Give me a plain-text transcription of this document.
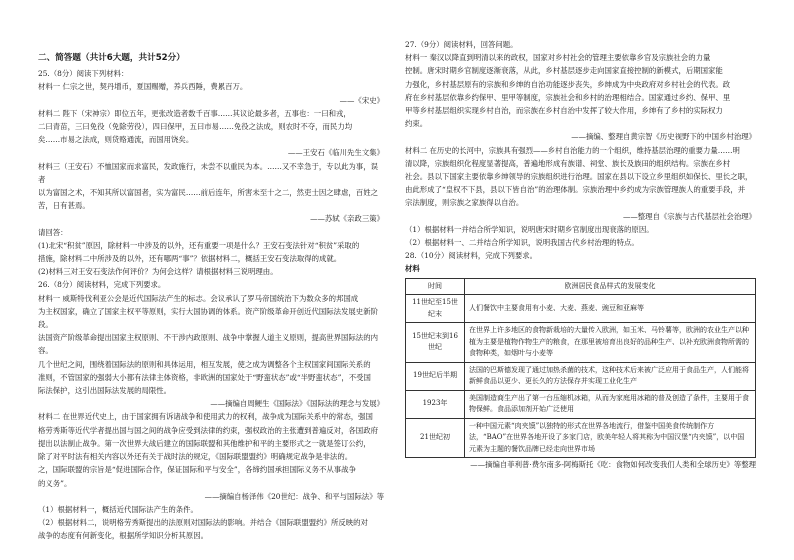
二、简答题（共计6大题，共计52分）

25.（8分）阅读下列材料：

材料一 仁宗之世，契丹增币，夏国赐赠，养兵西陲，费累百万。

——《宋史》

材料二 陛下（宋神宗）即位五年，更张改造者数千百事……其议论最多者，五事也：一曰和戎，

二曰青苗，三曰免役（免除劳役），四曰保甲，五曰市易……免役之法成，则农时不夺，而民力均

矣……市易之法成，则货赂通流，而国用饶矣。

——王安石《临川先生文集》

材料三（王安石）不恤国家而求富民，发政施行，未尝不以重民为本。……又不幸急于，专以此为事，误者

以为富国之术，不知其所以富国者，实为富民……前后连年，所害未至十之二，然吏士因之肆虐，百姓之

苦，日有甚焉。

——苏轼《亲政三策》

请回答：

(1)北宋“积贫”原因，除材料一中涉及的以外，还有重要一项是什么？王安石变法针对“积贫”采取的

措施，除材料二中所涉及的以外，还有哪两“事”？依据材料二，概括王安石变法取得的成就。

(2)材料三对王安石变法作何评价？为何会这样？请根据材料三说明理由。

26.（8分）阅读材料，完成下列要求。

材料一 威斯特伐利亚公会是近代国际法产生的标志。会议承认了罗马帝国统治下为数众多的邦国成

为主权国家，确立了国家主权平等原则，实行大国协调的体系。资产阶级革命开创近代国际法发展史新阶段。

法国资产阶级革命提出国家主权原则、不干涉内政原则、战争中掌握人道主义原则，提高世界国际法的内容。

几个世纪之间，围绕着国际法的原则和具体运用，相互发展，使之成为调整各个主权国家间国际关系的

准则，不管国家的强弱大小都有法律主体资格，非欧洲的国家处于“野蛮状态”或“半野蛮状态”，不受国

际法保护，这引出国际法发展的局限性。

——摘编自周鲠生《国际法》《国际法的理念与发展》

材料二 在世界近代史上，由于国家拥有诉诸战争和使用武力的权利，战争成为国际关系中的常态，强国

格劳秀斯等近代学者提出国与国之间的战争应受到法律的约束，强权政治的主张遭到普遍反对，各国政府

提出以法制止战争。第一次世界大战后建立的国际联盟和其他维护和平的主要形式之一就是签订公约，

除了对平时法有相关内容以外还有关于战时法的规定，《国际联盟盟约》明确规定战争是非法的。

之，国际联盟的宗旨是“促进国际合作，保证国际和平与安全”，各缔约国承担国际义务不从事战争

的义务”。

——摘编自杨泽伟《20世纪：战争、和平与国际法》等

（1）根据材料一，概括近代国际法产生的条件。

（2）根据材料二，说明格劳秀斯提出的法原则对国际法的影响。并结合《国际联盟盟约》所反映的对

战争的态度有何新变化，根据所学知识分析其原因。

27.（9分）阅读材料，回答问题。

材料一 秦汉以降直到明清以来的政权，国家对乡村社会的管理主要依靠乡官及宗族社会的力量

控制。唐宋时期乡官制度逐渐衰落，从此，乡村基层逐步走向国家直接控制的新模式，后期国家能

力强化，乡村基层原有的宗族和乡绅的自治功能逐步丧失，乡绅成为中央政府对乡村社会的代表。政

府在乡村基层依靠乡约保甲、里甲等制度，宗族社会和乡村的治理相结合。国家通过乡约、保甲、里

甲等乡村基层组织实现乡村自治，而宗族在乡村自治中发挥了较大作用，乡绅有了乡村的实际权力

约束。

——摘编、整理自黄宗智《历史视野下的中国乡村治理》

材料二 在历史的长河中，宗族具有强烈——乡村自治能力的一个组织，维持基层治理的重要力量……明

清以降，宗族组织化程度显著提高，普遍地形成有族谱、祠堂、族长及族田的组织结构。宗族在乡村

社会。县以下国家主要依靠乡绅领导的宗族组织进行治理。国家在县以下设立乡里组织如保长、里长之职，

由此形成了“皇权不下县，县以下皆自治”的治理体制。宗族治理中乡约成为宗族管理族人的重要手段，并

宗法制度，则宗族之家族得以自治。

——整理自《宗族与古代基层社会治理》

（1）根据材料一并结合所学知识，说明唐宋时期乡官制度出现衰落的原因。

（2）根据材料一、二并结合所学知识，说明我国古代乡村治理的特点。

28.（10分）阅读材料，完成下列要求。

材料

时间	欧洲居民食品样式的发展变化
11世纪至15世纪末	人们餐饮中主要食用有小麦、大麦、燕麦、豌豆和亚麻等
15世纪末到16世纪	在世界上许多地区的食物新栽培的大量传入欧洲，如玉米、马铃薯等，欧洲的农业生产以种植为主要是植物作物生产的粮食，在那里被培育出良好的品种生产、以补充欧洲食物所需的食物种类，如烟叶与小麦等
19世纪后半期	法国的巴斯德发现了通过加热杀菌的技术，这种技术后来被广泛应用于食品生产，人们能将新鲜食品以更少、更长久的方法保存并实现工业化生产
1923年	美国制造商生产出了第一台压缩机冰箱，从而为家庭用冰箱的普及创造了条件，主要用于食物保鲜。食品添加剂开始广泛使用
21世纪初	一种中国元素“肉夹馍”以独特的形式在世界各地流行，借鉴中国美食传统制作方法，“BAO”在世界各地开设了多家门店，欧美年轻人将其称为中国汉堡“内夹馍”，以中国元素为主题的餐饮品牌已经走向世界市场

——摘编自菲利普·费尔南多-阿梅斯托《吃：食物如何改变我们人类和全球历史》等整理
